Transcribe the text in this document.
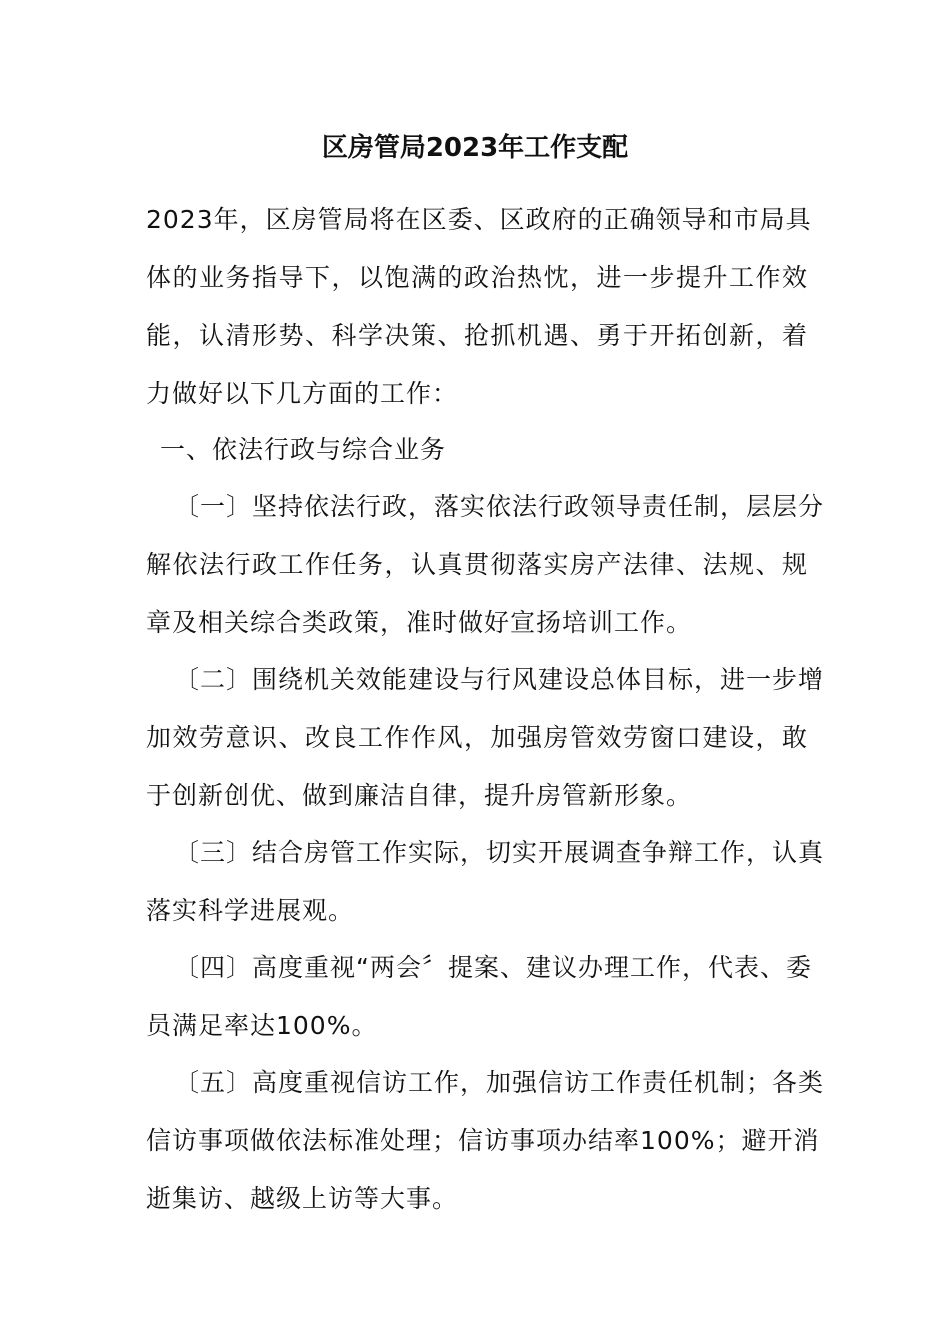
区房管局2023年工作支配
2023年，区房管局将在区委、区政府的正确领导和市局具
体的业务指导下，以饱满的政治热忱，进一步提升工作效
能，认清形势、科学决策、抢抓机遇、勇于开拓创新，着
力做好以下几方面的工作：
一、依法行政与综合业务
〔一〕坚持依法行政，落实依法行政领导责任制，层层分
解依法行政工作任务，认真贯彻落实房产法律、法规、规
章及相关综合类政策，准时做好宣扬培训工作。
〔二〕围绕机关效能建设与行风建设总体目标，进一步增
加效劳意识、改良工作作风，加强房管效劳窗口建设，敢
于创新创优、做到廉洁自律，提升房管新形象。
〔三〕结合房管工作实际，切实开展调查争辩工作，认真
落实科学进展观。
〔四〕高度重视“两会〞提案、建议办理工作，代表、委
员满足率达100%。
〔五〕高度重视信访工作，加强信访工作责任机制；各类
信访事项做依法标准处理；信访事项办结率100%；避开消
逝集访、越级上访等大事。
